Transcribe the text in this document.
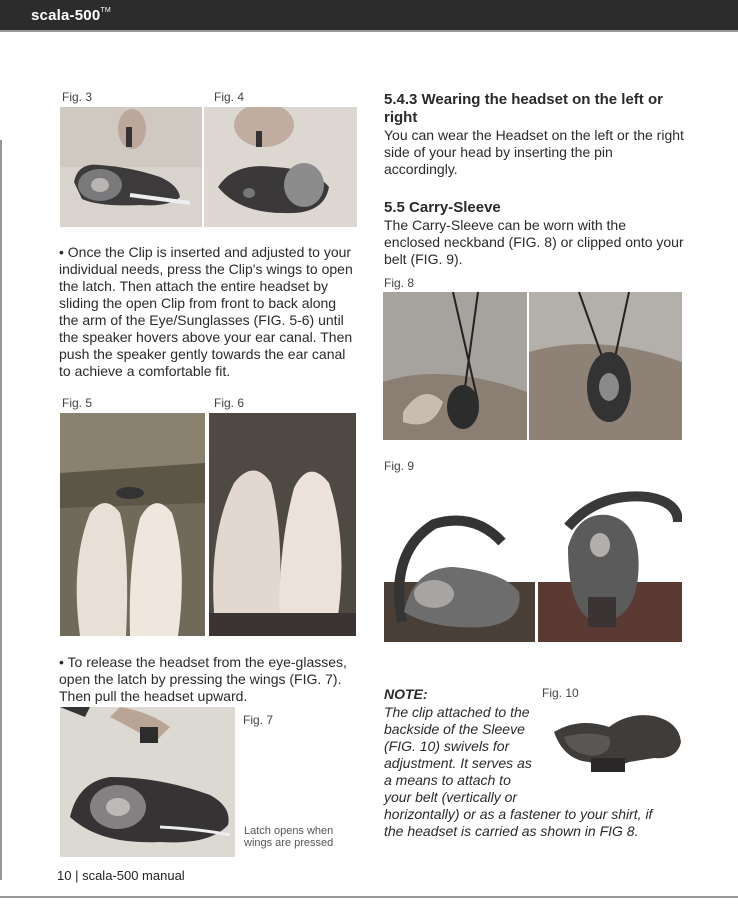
scala-500™
Fig. 3	Fig. 4
• Once the Clip is inserted and adjusted to your individual needs, press the Clip's wings to open the latch. Then attach the entire headset by sliding the open Clip from front to back along the arm of the Eye/Sunglasses (FIG. 5-6) until the speaker hovers above your ear canal. Then push the speaker gently towards the ear canal to achieve a comfortable fit.
Fig. 5	Fig. 6
• To release the headset from the eye-glasses, open the latch by pressing the wings (FIG. 7). Then pull the headset upward.
Fig. 7
Latch opens when wings are pressed
5.4.3 Wearing the headset on the left or right
You can wear the Headset on the left or the right side of your head by inserting the pin accordingly.
5.5 Carry-Sleeve
The Carry-Sleeve can be worn with the enclosed neckband (FIG. 8) or clipped onto your belt (FIG. 9).
Fig. 8
Fig. 9
NOTE:	Fig. 10
The clip attached to the
backside of the Sleeve
(FIG. 10) swivels for
adjustment. It serves as
a means to attach to
your belt (vertically or
horizontally) or as a fastener to your shirt, if
the headset is carried as shown in FIG 8.
10 | scala-500 manual
